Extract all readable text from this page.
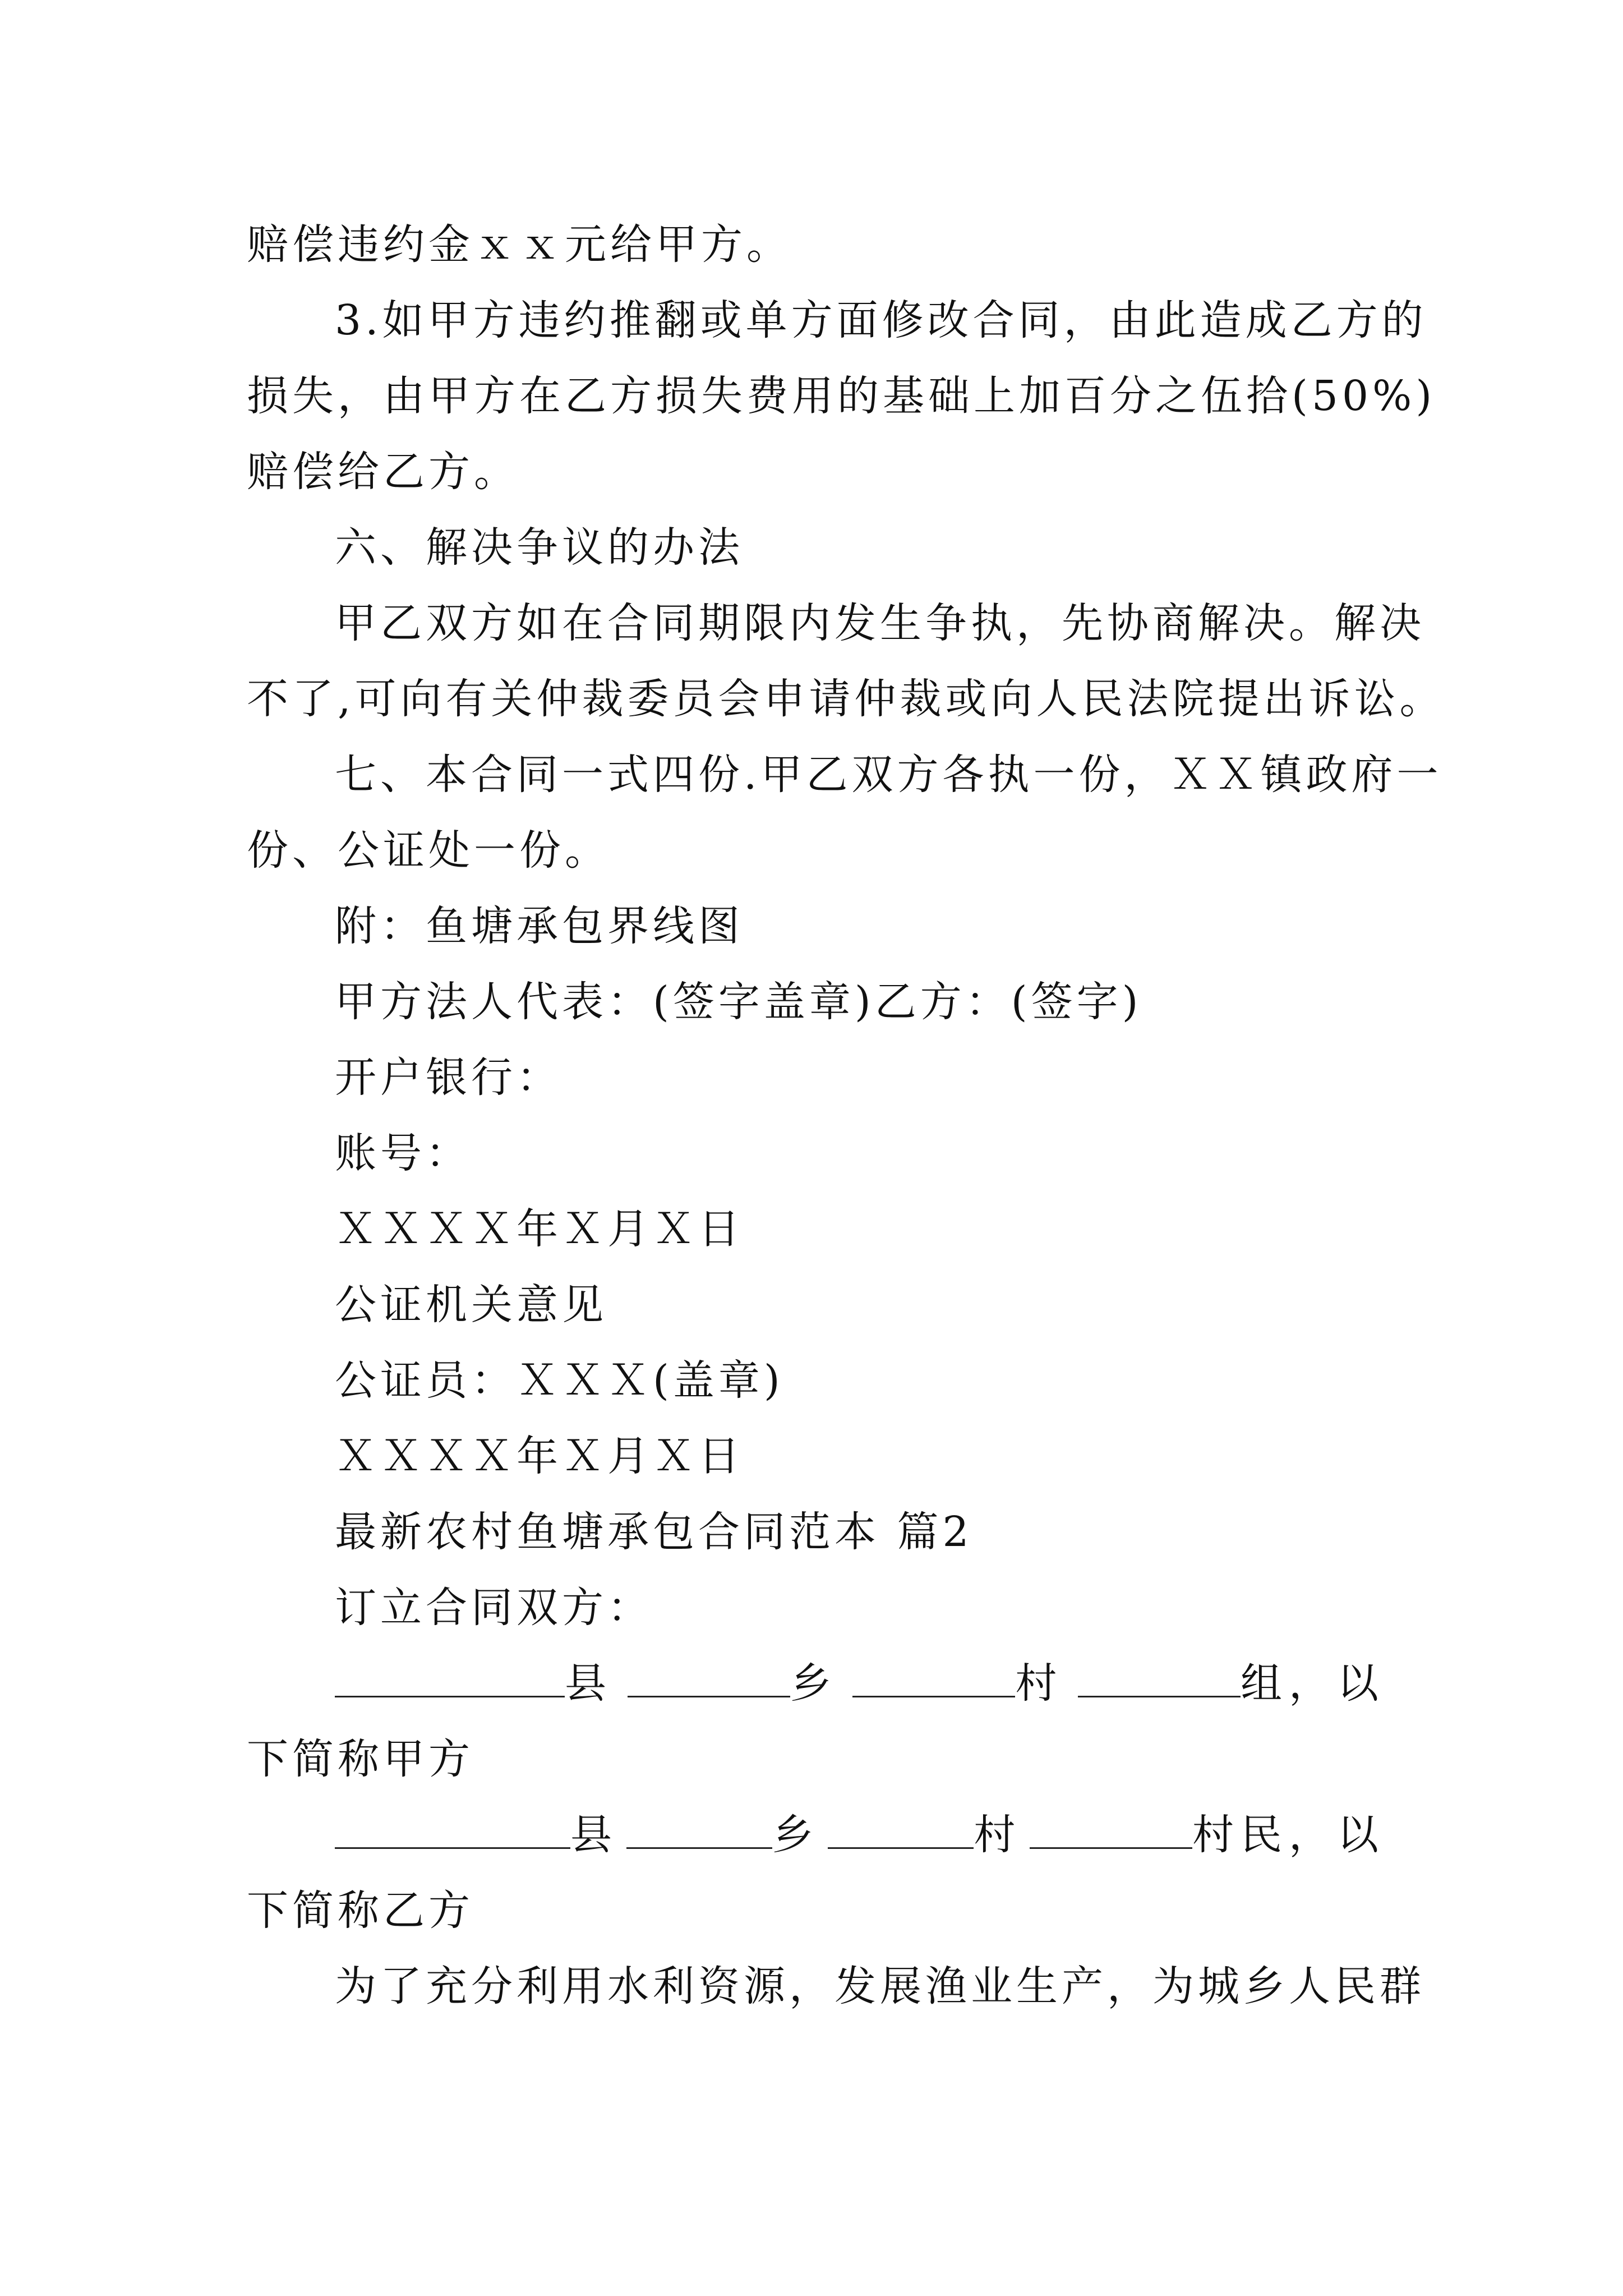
赔偿违约金ｘｘ元给甲方。
3.如甲方违约推翻或单方面修改合同，由此造成乙方的
损失，由甲方在乙方损失费用的基础上加百分之伍拾(50%)
赔偿给乙方。
六、解决争议的办法
甲乙双方如在合同期限内发生争执，先协商解决。解决
不了,可向有关仲裁委员会申请仲裁或向人民法院提出诉讼。
七、本合同一式四份.甲乙双方各执一份，ＸＸ镇政府一
份、公证处一份。
附：鱼塘承包界线图
甲方法人代表：(签字盖章)乙方：(签字)
开户银行：
账号：
ＸＸＸＸ年Ｘ月Ｘ日
公证机关意见
公证员：ＸＸＸ(盖章)
ＸＸＸＸ年Ｘ月Ｘ日
最新农村鱼塘承包合同范本 篇2
订立合同双方：
县	乡	村	组，以
下简称甲方
县	乡	村	村民，以
下简称乙方
为了充分利用水利资源，发展渔业生产，为城乡人民群
